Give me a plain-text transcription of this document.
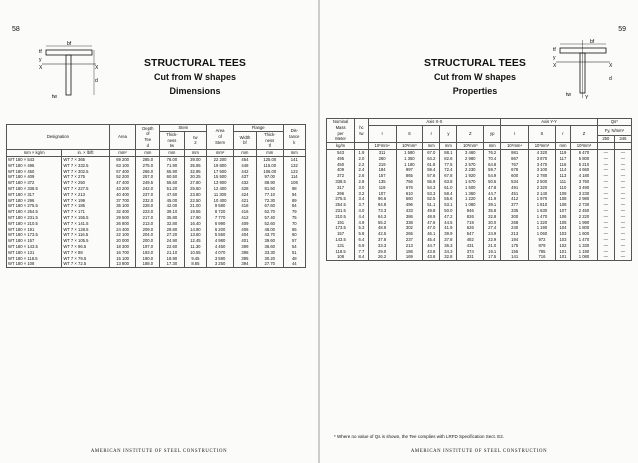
58
bf
tf
y
X	X
d
tw
STRUCTURAL TEES
Cut from W shapes
Dimensions
Designation		Area	Depth
of
Tee
d	Stem		Area
of
Stem	Flange		Dis-
tance
k
				Thick-
ness
tw	tw
2		Width
bf	Thick-
ness
tf	

mm × kg/m	in. × lb/ft	mm²	mm	mm	mm	mm²	mm	mm	mm
WT 180 × 543	WT 7 × 365	69 200	285.0	78.00	39.00	22 200	454	125.00	141
WT 180 × 495	WT 7 × 332.5	63 100	275.0	71.90	35.95	19 800	448	115.00	132
WT 180 × 450	WT 7 × 302.5	57 400	266.0	65.90	32.95	17 500	442	106.00	122
WT 180 × 409	WT 7 × 275	52 200	257.0	60.50	30.25	15 500	437	97.00	114
WT 180 × 372	WT 7 × 250	47 400	249.5	55.60	27.80	13 900	432	88.90	108
WT 180 × 338.5	WT 7 × 227.5	43 200	242.0	51.20	25.60	12 400	428	81.50	98
WT 180 × 317	WT 7 × 213	40 400	237.0	47.60	23.80	11 300	424	77.10	94
WT 180 × 296	WT 7 × 199	37 700	232.0	45.00	22.50	10 400	421	72.30	89
WT 180 × 275.5	WT 7 × 185	35 100	228.0	42.00	21.00	9 580	418	67.60	84
WT 180 × 254.5	WT 7 × 171	32 400	223.0	39.10	19.55	8 720	416	62.70	79
WT 180 × 231.5	WT 7 × 155.5	29 500	217.0	35.80	17.90	7 770	412	57.40	75
WT 180 × 210.5	WT 7 × 141.5	26 800	213.0	32.80	16.40	6 990	409	52.60	70
WT 180 × 191	WT 7 × 128.5	24 400	209.0	29.80	14.90	6 200	406	48.00	65
WT 180 × 173.5	WT 7 × 116.5	22 100	204.0	27.20	13.60	5 550	404	43.70	60
WT 180 × 157	WT 7 × 105.5	20 000	200.0	24.90	12.45	4 980	401	39.60	57
WT 180 × 143.5	WT 7 × 96.5	18 300	197.0	22.60	11.30	4 450	399	36.60	54
WT 180 × 131	WT 7 × 88	16 700	193.0	21.10	10.55	4 070	398	33.30	51
WT 180 × 118.5	WT 7 × 79.5	15 100	190.0	18.90	9.45	3 590	395	30.20	48
WT 180 × 108	WT 7 × 72.5	13 800	188.0	17.30	8.65	3 250	394	27.70	44
AMERICAN INSTITUTE OF STEEL CONSTRUCTION
59
bf
tf
y
X	X
d
tw	Y
STRUCTURAL TEES
Cut from W shapes
Properties
Nominal
Mass
per
Meter	hc
tw	Axis X-X						Axis Y-Y				Qs*	
		I	S	r	y	Z	yp	I	S	r	Z	Fy, N/mm²	
												250	345
kg/m		10⁶mm⁴	10³mm³	mm	mm	10³mm³	mm	10⁶mm⁴	10³mm³	mm	10³mm³		
543	1.9	311	1 580	67.0	88.1	3 460	76.2	981	4 320	119	6 470	—	—
495	2.0	260	1 350	64.2	82.6	2 980	70.4	867	3 870	117	5 800	—	—
450	2.2	219	1 180	61.8	77.5	2 570	64.8	767	3 470	116	5 210	—	—
409	2.4	184	997	59.4	72.4	2 230	59.7	678	3 100	114	4 660	—	—
372	2.6	157	865	57.6	67.8	1 920	54.9	600	2 780	113	4 180	—	—
338.5	2.8	135	756	55.9	63.8	1 670	50.5	534	2 500	111	3 760	—	—
317	3.0	119	676	54.3	61.0	1 500	47.8	491	2 320	110	3 490	—	—
296	3.2	107	610	53.3	58.4	1 360	44.7	451	2 140	109	3 230	—	—
275.5	3.4	96.6	560	52.5	55.6	1 220	41.9	412	1 970	108	2 980	—	—
254.5	3.7	84.8	496	51.1	53.1	1 080	39.1	377	1 810	108	2 730	—	—
231.5	4.0	73.3	433	49.8	50.0	946	35.8	335	1 630	107	2 450	—	—
210.5	4.4	64.3	386	48.9	47.2	826	32.8	300	1 470	106	2 220	—	—
191	4.9	55.2	338	47.6	44.5	719	30.0	268	1 320	105	1 990	—	—
173.5	5.3	48.9	302	47.0	41.9	626	27.4	240	1 190	104	1 800	—	—
157	5.8	42.5	265	46.1	39.9	547	24.9	213	1 060	103	1 600	—	—
143.5	6.4	37.8	237	45.4	37.8	482	22.9	194	972	103	1 470	—	—
131	6.9	33.3	213	44.7	36.3	431	21.0	175	879	102	1 330	—	—
118.5	7.7	29.0	186	43.8	34.3	374	19.1	155	785	101	1 190	—	—
108	8.4	26.2	169	43.6	32.8	331	17.5	141	716	101	1 080	—	—
* Where no value of Qs is shown, the Tee complies with LRFD Specification Sect. E2.
AMERICAN INSTITUTE OF STEEL CONSTRUCTION
